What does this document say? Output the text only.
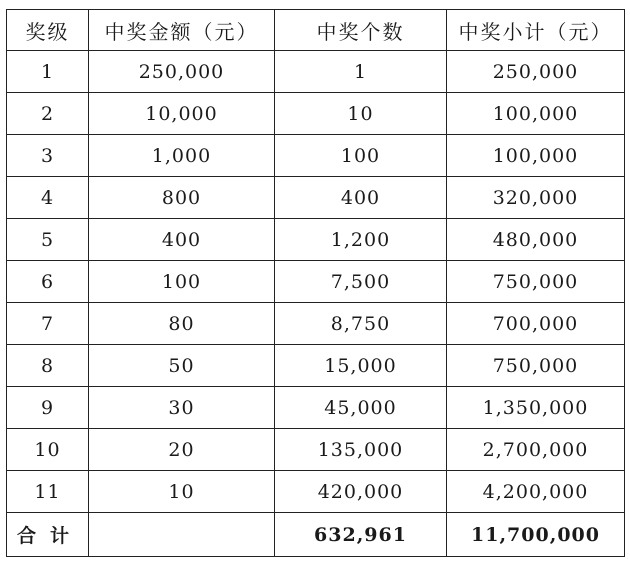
奖级	中奖金额（元）	中奖个数	中奖小计（元）
1	250,000	1	250,000
2	10,000	10	100,000
3	1,000	100	100,000
4	800	400	320,000
5	400	1,200	480,000
6	100	7,500	750,000
7	80	8,750	700,000
8	50	15,000	750,000
9	30	45,000	1,350,000
10	20	135,000	2,700,000
11	10	420,000	4,200,000
合计		632,961	11,700,000
